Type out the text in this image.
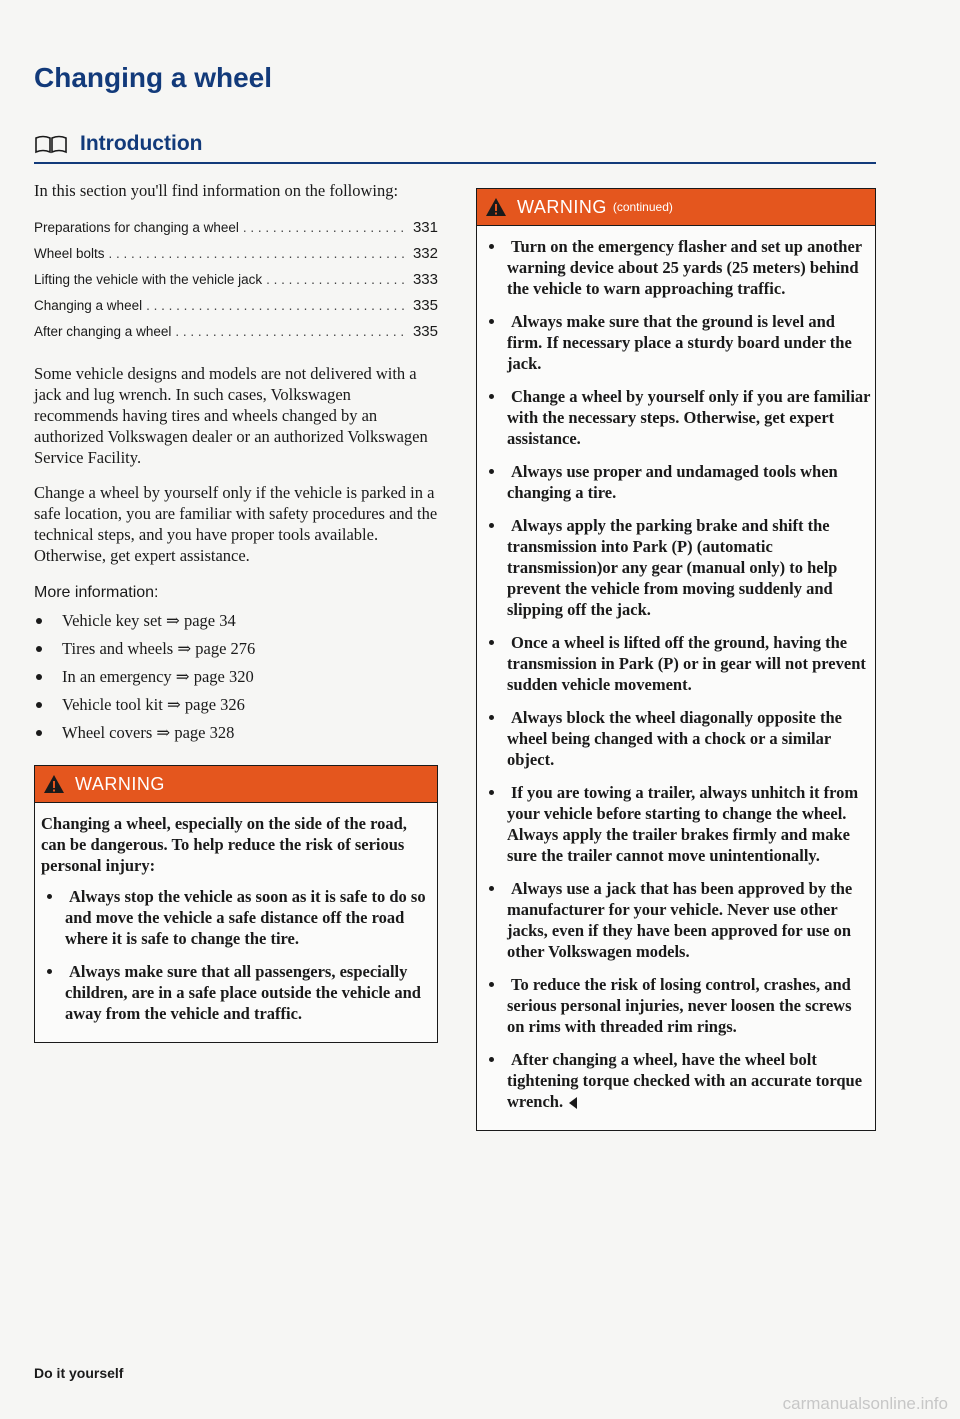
Changing a wheel
Introduction

In this section you'll find information on the following:

Preparations for changing a wheel . . .	331
Wheel bolts . . .	332
Lifting the vehicle with the vehicle jack . . .	333
Changing a wheel . . .	335
After changing a wheel . . .	335

Some vehicle designs and models are not delivered with a jack and lug wrench. In such cases, Volkswagen recommends having tires and wheels changed by an authorized Volkswagen dealer or an authorized Volkswagen Service Facility.

Change a wheel by yourself only if the vehicle is parked in a safe location, you are familiar with safety procedures and the technical steps, and you have proper tools available. Otherwise, get expert assistance.

More information:
Vehicle key set ⇒ page 34
Tires and wheels ⇒ page 276
In an emergency ⇒ page 320
Vehicle tool kit ⇒ page 326
Wheel covers ⇒ page 328
WARNING

Changing a wheel, especially on the side of the road, can be dangerous. To help reduce the risk of serious personal injury:

Always stop the vehicle as soon as it is safe to do so and move the vehicle a safe distance off the road where it is safe to change the tire.
Always make sure that all passengers, especially children, are in a safe place outside the vehicle and away from the vehicle and traffic.
WARNING (continued)
Turn on the emergency flasher and set up another warning device about 25 yards (25 meters) behind the vehicle to warn approaching traffic.
Always make sure that the ground is level and firm. If necessary place a sturdy board under the jack.
Change a wheel by yourself only if you are familiar with the necessary steps. Otherwise, get expert assistance.
Always use proper and undamaged tools when changing a tire.
Always apply the parking brake and shift the transmission into Park (P) (automatic transmission)or any gear (manual only) to help prevent the vehicle from moving suddenly and slipping off the jack.
Once a wheel is lifted off the ground, having the transmission in Park (P) or in gear will not prevent sudden vehicle movement.
Always block the wheel diagonally opposite the wheel being changed with a chock or a similar object.
If you are towing a trailer, always unhitch it from your vehicle before starting to change the wheel. Always apply the trailer brakes firmly and make sure the trailer cannot move unintentionally.
Always use a jack that has been approved by the manufacturer for your vehicle. Never use other jacks, even if they have been approved for use on other Volkswagen models.
To reduce the risk of losing control, crashes, and serious personal injuries, never loosen the screws on rims with threaded rim rings.
After changing a wheel, have the wheel bolt tightening torque checked with an accurate torque wrench.
Do it yourself
carmanualsonline.info
